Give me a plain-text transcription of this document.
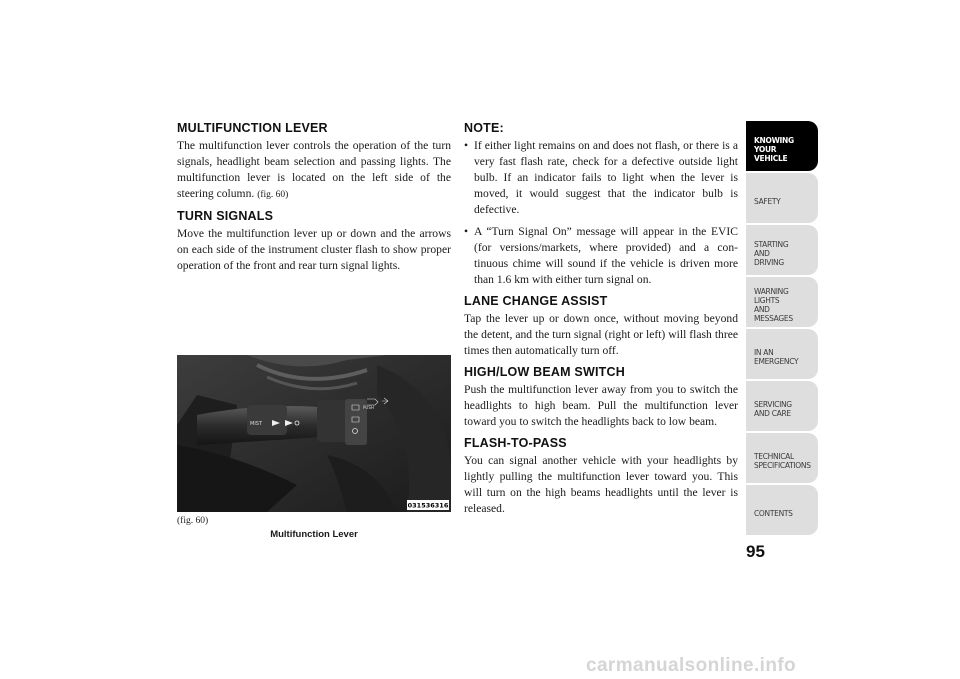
MULTIFUNCTION LEVER

The multifunction lever controls the operation of the turn signals, headlight beam selection and passing lights. The multifunction lever is located on the left side of the steering column. (fig. 60)

TURN SIGNALS

Move the multifunction lever up or down and the arrows on each side of the instrument cluster flash to show proper operation of the front and rear turn signal lights.

MIST
PUSH
031536316
(fig. 60)
Multifunction Lever
NOTE:
• If either light remains on and does not flash, or there is a very fast flash rate, check for a defective outside light bulb. If an indicator fails to light when the lever is moved, it would suggest that the indicator bulb is defective.
• A “Turn Signal On” message will appear in the EVIC (for versions/markets, where provided) and a con-tinuous chime will sound if the vehicle is driven more than 1.6 km with either turn signal on.
LANE CHANGE ASSIST

Tap the lever up or down once, without moving beyond the detent, and the turn signal (right or left) will flash three times then automatically turn off.

HIGH/LOW BEAM SWITCH

Push the multifunction lever away from you to switch the headlights to high beam. Pull the multifunction lever toward you to switch the headlights back to low beam.

FLASH-TO-PASS

You can signal another vehicle with your headlights by lightly pulling the multifunction lever toward you. This will turn on the high beams headlights until the lever is released.

KNOWING
YOUR
VEHICLE
SAFETY
STARTING
AND
DRIVING
WARNING
LIGHTS
AND
MESSAGES
IN AN
EMERGENCY
SERVICING
AND CARE
TECHNICAL
SPECIFICATIONS
CONTENTS
95
carmanualsonline.info
